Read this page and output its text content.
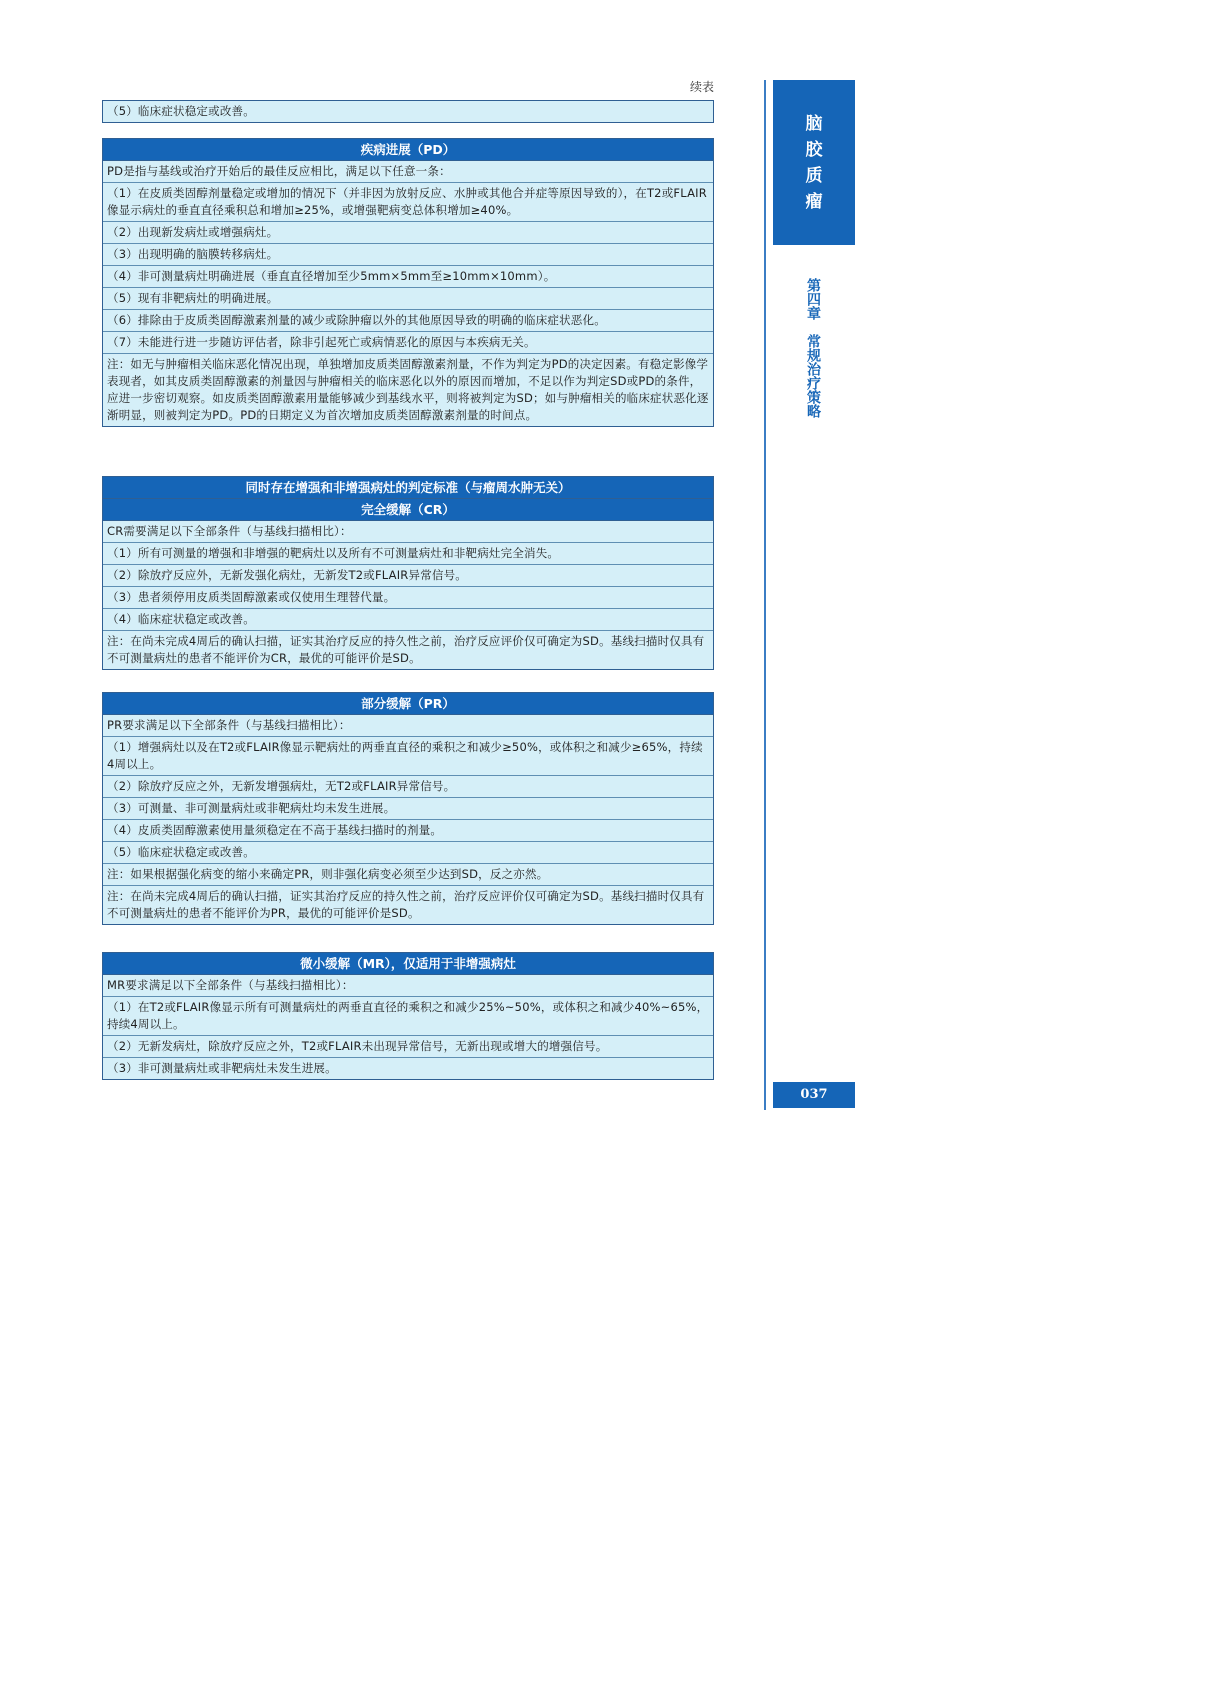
续表
（5）临床症状稳定或改善。
疾病进展（PD）
PD是指与基线或治疗开始后的最佳反应相比，满足以下任意一条：
（1）在皮质类固醇剂量稳定或增加的情况下（并非因为放射反应、水肿或其他合并症等原因导致的），在T2或FLAIR像显示病灶的垂直直径乘积总和增加≥25%，或增强靶病变总体积增加≥40%。
（2）出现新发病灶或增强病灶。
（3）出现明确的脑膜转移病灶。
（4）非可测量病灶明确进展（垂直直径增加至少5mm×5mm至≥10mm×10mm）。
（5）现有非靶病灶的明确进展。
（6）排除由于皮质类固醇激素剂量的减少或除肿瘤以外的其他原因导致的明确的临床症状恶化。
（7）未能进行进一步随访评估者，除非引起死亡或病情恶化的原因与本疾病无关。
注：如无与肿瘤相关临床恶化情况出现，单独增加皮质类固醇激素剂量，不作为判定为PD的决定因素。有稳定影像学表现者，如其皮质类固醇激素的剂量因与肿瘤相关的临床恶化以外的原因而增加，不足以作为判定SD或PD的条件，应进一步密切观察。如皮质类固醇激素用量能够减少到基线水平，则将被判定为SD；如与肿瘤相关的临床症状恶化逐渐明显，则被判定为PD。PD的日期定义为首次增加皮质类固醇激素剂量的时间点。
同时存在增强和非增强病灶的判定标准（与瘤周水肿无关）
完全缓解（CR）
CR需要满足以下全部条件（与基线扫描相比）：
（1）所有可测量的增强和非增强的靶病灶以及所有不可测量病灶和非靶病灶完全消失。
（2）除放疗反应外，无新发强化病灶，无新发T2或FLAIR异常信号。
（3）患者须停用皮质类固醇激素或仅使用生理替代量。
（4）临床症状稳定或改善。
注：在尚未完成4周后的确认扫描，证实其治疗反应的持久性之前，治疗反应评价仅可确定为SD。基线扫描时仅具有不可测量病灶的患者不能评价为CR，最优的可能评价是SD。
部分缓解（PR）
PR要求满足以下全部条件（与基线扫描相比）：
（1）增强病灶以及在T2或FLAIR像显示靶病灶的两垂直直径的乘积之和减少≥50%，或体积之和减少≥65%，持续4周以上。
（2）除放疗反应之外，无新发增强病灶，无T2或FLAIR异常信号。
（3）可测量、非可测量病灶或非靶病灶均未发生进展。
（4）皮质类固醇激素使用量须稳定在不高于基线扫描时的剂量。
（5）临床症状稳定或改善。
注：如果根据强化病变的缩小来确定PR，则非强化病变必须至少达到SD，反之亦然。
注：在尚未完成4周后的确认扫描，证实其治疗反应的持久性之前，治疗反应评价仅可确定为SD。基线扫描时仅具有不可测量病灶的患者不能评价为PR，最优的可能评价是SD。
微小缓解（MR），仅适用于非增强病灶
MR要求满足以下全部条件（与基线扫描相比）：
（1）在T2或FLAIR像显示所有可测量病灶的两垂直直径的乘积之和减少25%~50%，或体积之和减少40%~65%，持续4周以上。
（2）无新发病灶，除放疗反应之外，T2或FLAIR未出现异常信号，无新出现或增大的增强信号。
（3）非可测量病灶或非靶病灶未发生进展。
脑
胶
质
瘤
第四章　常规治疗策略
037
